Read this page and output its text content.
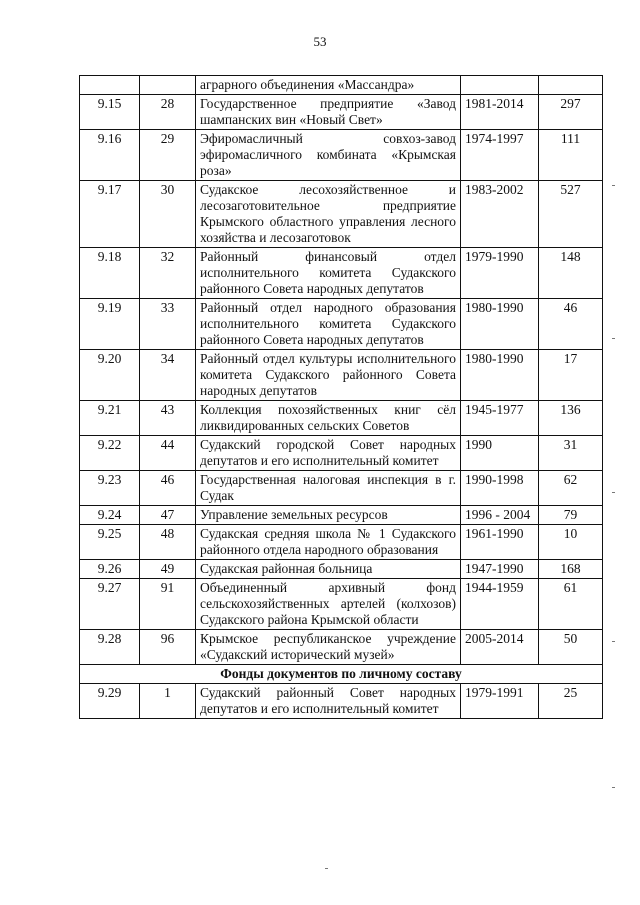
53
		аграрного объединения «Массандра»		
9.15	28	Государственное предприятие «Завод шампанских вин «Новый Свет»	1981-2014	297
9.16	29	Эфиромасличный совхоз-завод эфиромасличного комбината «Крымская роза»	1974-1997	111
9.17	30	Судакское лесохозяйственное и лесозаготовительное предприятие Крымского областного управления лесного хозяйства и лесозаготовок	1983-2002	527
9.18	32	Районный финансовый отдел исполнительного комитета Судакского районного Совета народных депутатов	1979-1990	148
9.19	33	Районный отдел народного образования исполнительного комитета Судакского районного Совета народных депутатов	1980-1990	46
9.20	34	Районный отдел культуры исполнительного комитета Судакского районного Совета народных депутатов	1980-1990	17
9.21	43	Коллекция похозяйственных книг сёл ликвидированных сельских Советов	1945-1977	136
9.22	44	Судакский городской Совет народных депутатов и его исполнительный комитет	1990	31
9.23	46	Государственная налоговая инспекция в г. Судак	1990-1998	62
9.24	47	Управление земельных ресурсов	1996 - 2004	79
9.25	48	Судакская средняя школа № 1 Судакского районного отдела народного образования	1961-1990	10
9.26	49	Судакская районная больница	1947-1990	168
9.27	91	Объединенный архивный фонд сельскохозяйственных артелей (колхозов) Судакского района Крымской области	1944-1959	61
9.28	96	Крымское республиканское учреждение «Судакский исторический музей»	2005-2014	50
Фонды документов по личному составу				
9.29	1	Судакский районный Совет народных депутатов и его исполнительный комитет	1979-1991	25
